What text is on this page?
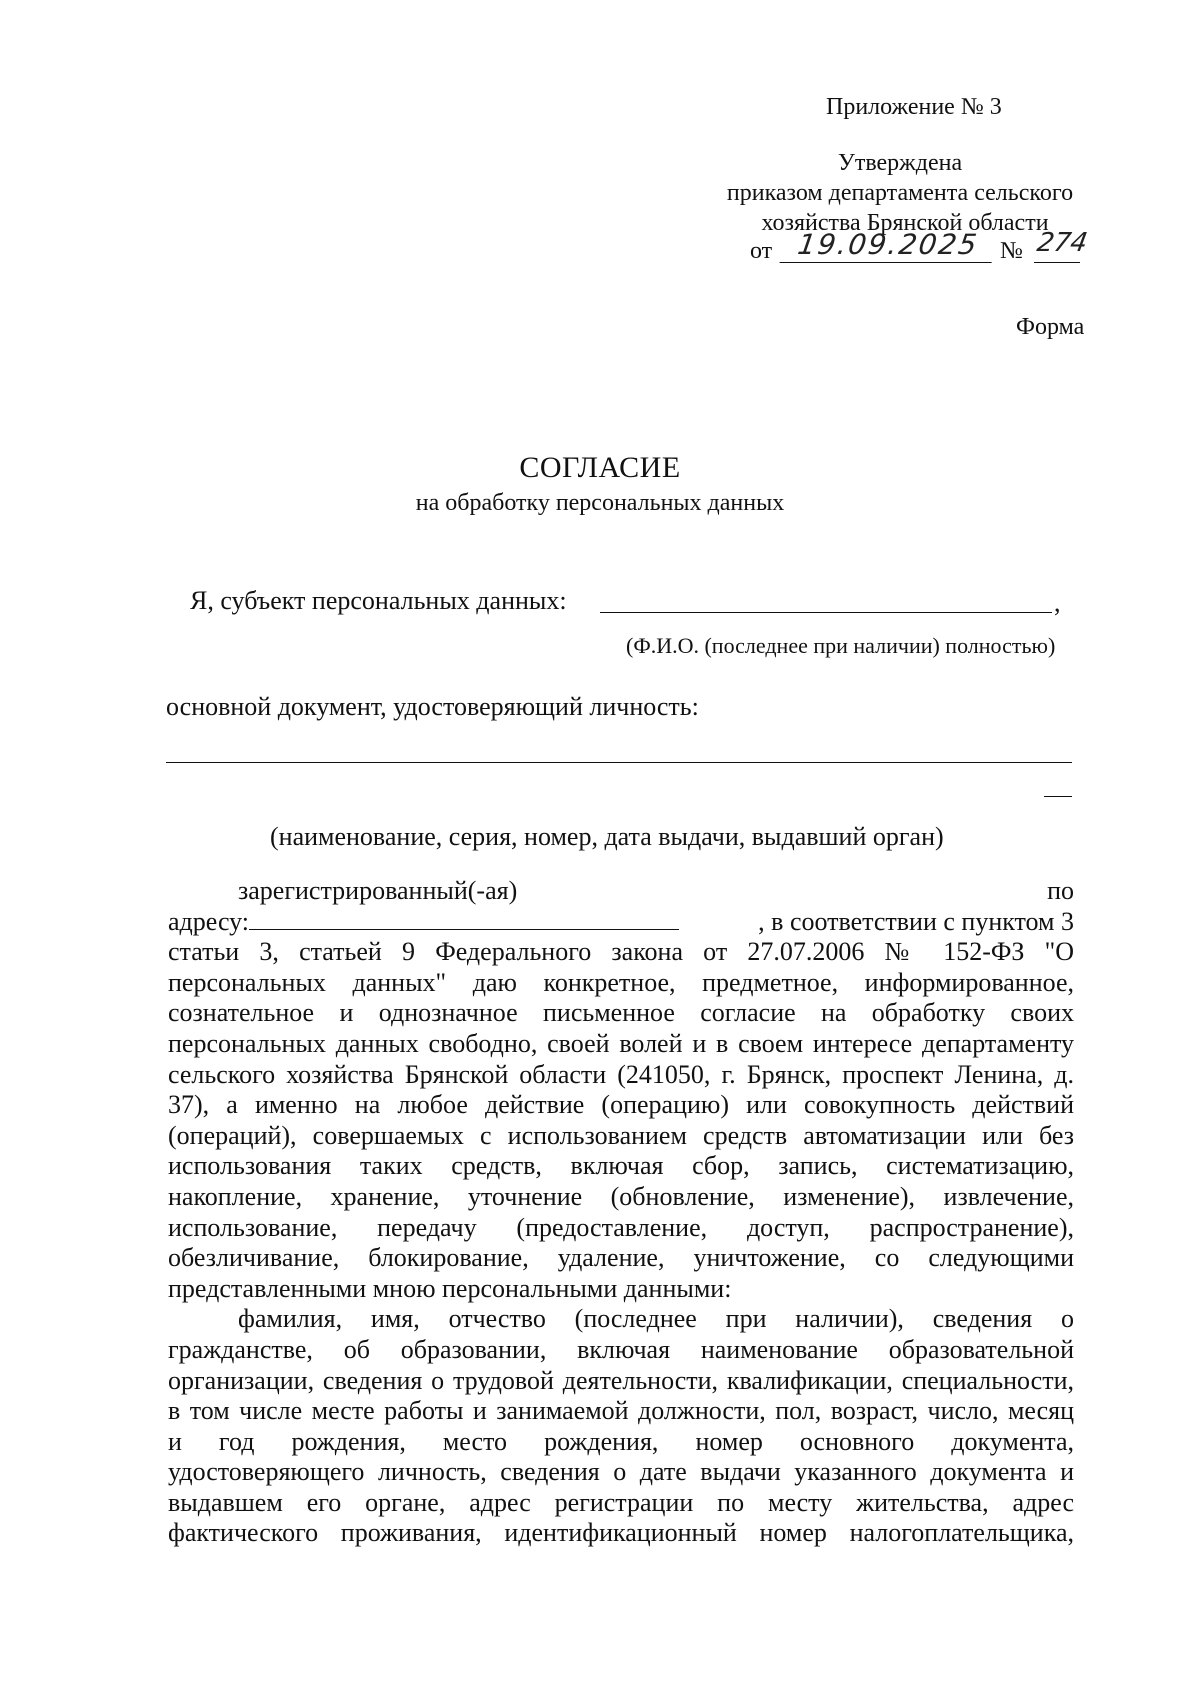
Приложение № 3
Утверждена
приказом департамента сельского
хозяйства Брянской области
от 19.09.2025 № 274
Форма
СОГЛАСИЕ
на обработку персональных данных
Я, субъект персональных данных:	,
(Ф.И.О. (последнее при наличии) полностью)
основной документ, удостоверяющий личность:
(наименование, серия, номер, дата выдачи, выдавший орган)
зарегистрированный(-ая) по
адресу:	, в соответствии с пунктом 3
статьи 3, статьей 9 Федерального закона от 27.07.2006 № 152-ФЗ "О
персональных данных" даю конкретное, предметное, информированное,
сознательное и однозначное письменное согласие на обработку своих
персональных данных свободно, своей волей и в своем интересе департаменту
сельского хозяйства Брянской области (241050, г. Брянск, проспект Ленина, д.
37), а именно на любое действие (операцию) или совокупность действий
(операций), совершаемых с использованием средств автоматизации или без
использования таких средств, включая сбор, запись, систематизацию,
накопление, хранение, уточнение (обновление, изменение), извлечение,
использование, передачу (предоставление, доступ, распространение),
обезличивание, блокирование, удаление, уничтожение, со следующими
представленными мною персональными данными:
фамилия, имя, отчество (последнее при наличии), сведения о
гражданстве, об образовании, включая наименование образовательной
организации, сведения о трудовой деятельности, квалификации, специальности,
в том числе месте работы и занимаемой должности, пол, возраст, число, месяц
и год рождения, место рождения, номер основного документа,
удостоверяющего личность, сведения о дате выдачи указанного документа и
выдавшем его органе, адрес регистрации по месту жительства, адрес
фактического проживания, идентификационный номер налогоплательщика,
